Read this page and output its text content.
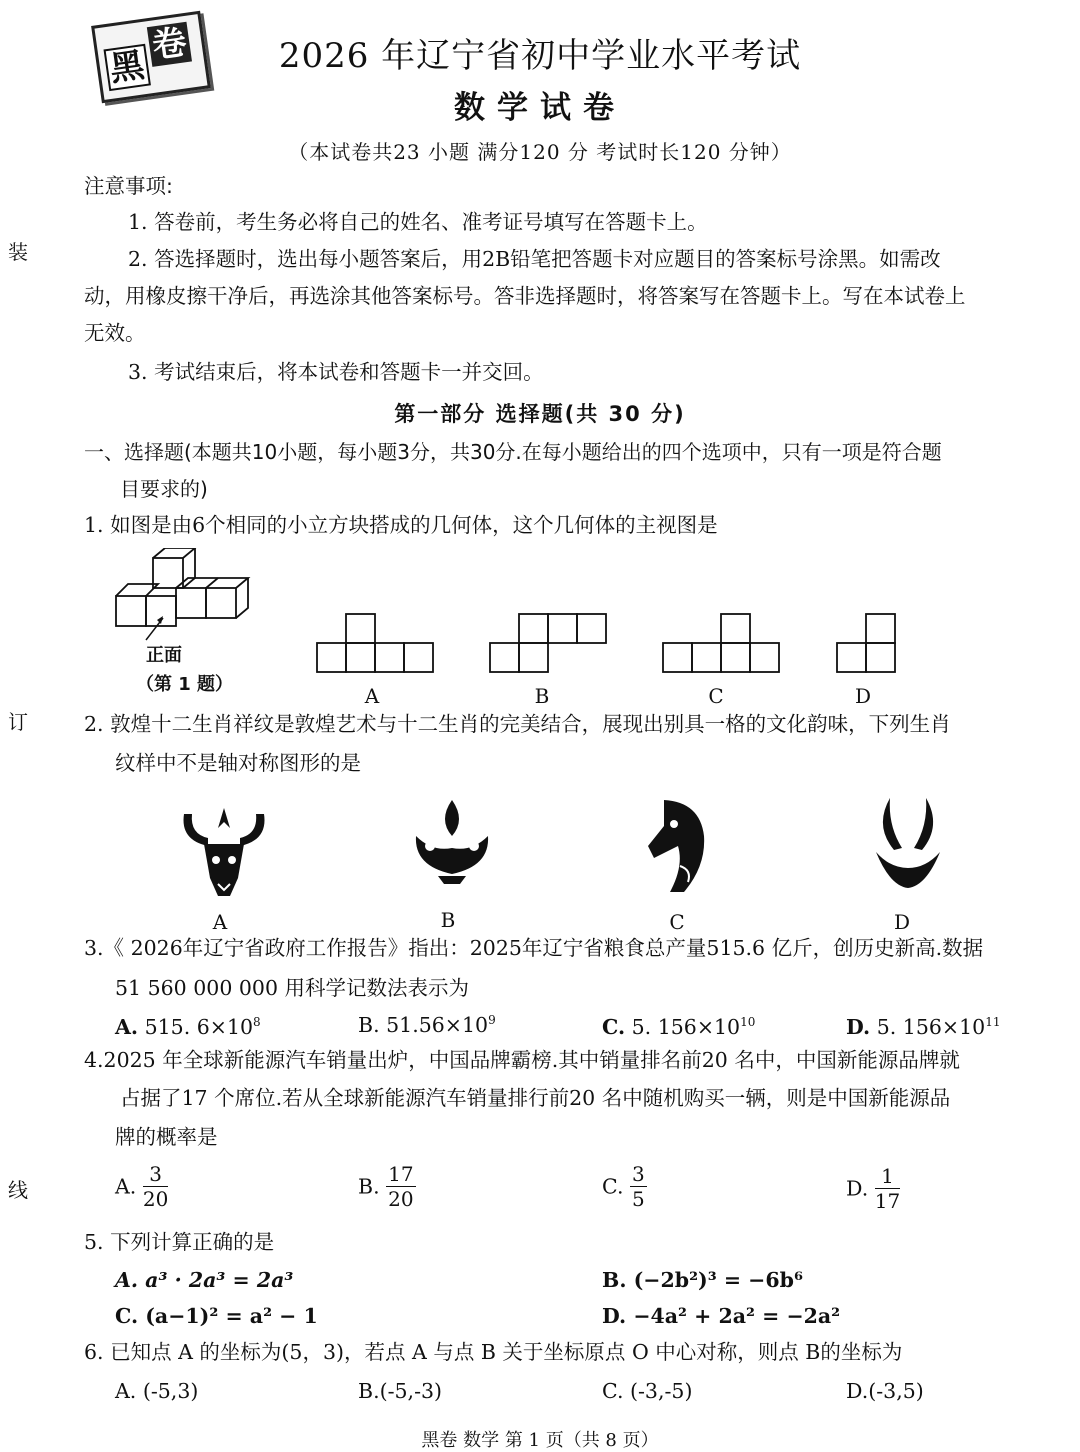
黑
卷	2026 年辽宁省初中学业水平考试
数学试卷
（本试卷共23 小题 满分120 分 考试时长120 分钟）
装
订
线
注意事项:
1. 答卷前，考生务必将自己的姓名、准考证号填写在答题卡上。
2. 答选择题时，选出每小题答案后，用2B铅笔把答题卡对应题目的答案标号涂黑。如需改
动，用橡皮擦干净后，再选涂其他答案标号。答非选择题时，将答案写在答题卡上。写在本试卷上
无效。
3. 考试结束后，将本试卷和答题卡一并交回。
第一部分 选择题(共 30 分)
一、选择题(本题共10小题，每小题3分，共30分.在每小题给出的四个选项中，只有一项是符合题
目要求的)
1. 如图是由6个相同的小立方块搭成的几何体，这个几何体的主视图是
正面
（第 1 题）	A	B	C	D
2. 敦煌十二生肖祥纹是敦煌艺术与十二生肖的完美结合，展现出别具一格的文化韵味，下列生肖
纹样中不是轴对称图形的是
A	B	C	D
3.《 2026年辽宁省政府工作报告》指出：2025年辽宁省粮食总产量515.6 亿斤，创历史新高.数据
51 560 000 000 用科学记数法表示为
A. 515. $6\times 10^8$	B. $51.56\times 10^9$	C. 5. $156\times 10^{10}$	D. 5. $156\times 10^{11}$
4.2025 年全球新能源汽车销量出炉，中国品牌霸榜.其中销量排名前20 名中，中国新能源品牌就
占据了17 个席位.若从全球新能源汽车销量排行前20 名中随机购买一辆，则是中国新能源品
牌的概率是
A. $\frac{3}{20}$	B. $\frac{17}{20}$	C. $\frac{3}{5}$	D. $\frac{1}{17}$
5. 下列计算正确的是
A. a³ · 2a³ = 2a³	B. (−2b²)³ = −6b⁶
C. (a−1)² = a² − 1	D. −4a² + 2a² = −2a²
6. 已知点 A 的坐标为(5，3)，若点 A 与点 B 关于坐标原点 O 中心对称，则点 B的坐标为
A. (-5,3)	B.(-5,-3)	C. (-3,-5)	D.(-3,5)
黑卷 数学 第 1 页（共 8 页）
